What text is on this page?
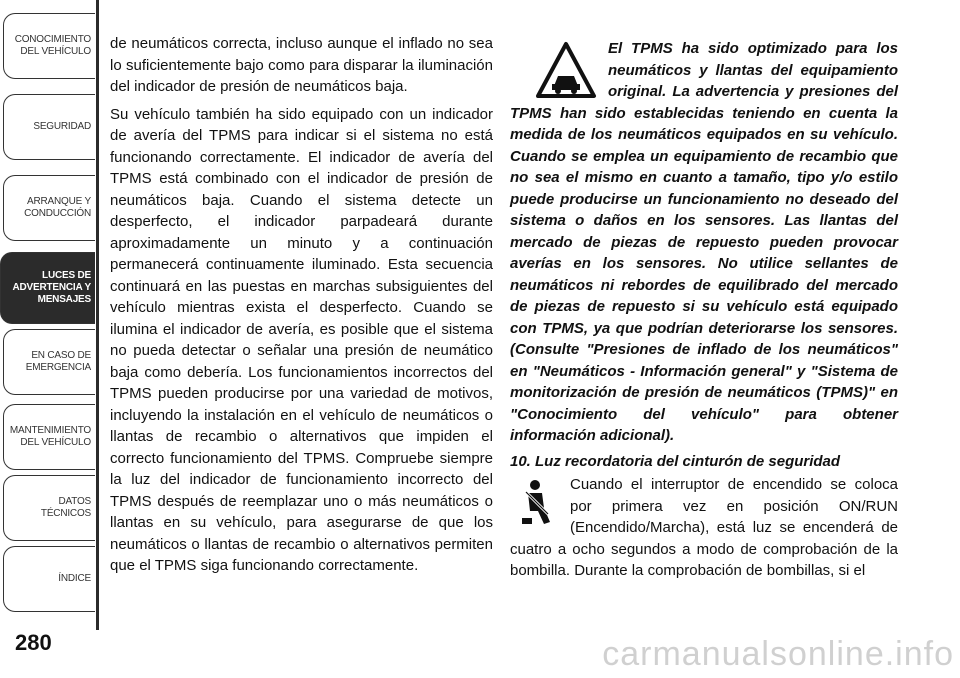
CONOCIMIENTO
DEL VEHÍCULO
SEGURIDAD
ARRANQUE Y
CONDUCCIÓN
LUCES DE
ADVERTENCIA Y
MENSAJES
EN CASO DE
EMERGENCIA
MANTENIMIENTO
DEL VEHÍCULO
DATOS
TÉCNICOS
ÍNDICE
280

de neumáticos correcta, incluso aunque el inflado no sea lo suficientemente bajo como para disparar la iluminación del indicador de presión de neumáticos baja.

Su vehículo también ha sido equipado con un indicador de avería del TPMS para indicar si el sistema no está funcionando correctamente. El indicador de avería del TPMS está combinado con el indicador de presión de neumáticos baja. Cuando el sistema detecte un desperfecto, el indicador parpadeará durante aproximadamente un minuto y a continuación permanecerá continuamente iluminado. Esta secuencia continuará en las puestas en marchas subsiguientes del vehículo mientras exista el desperfecto. Cuando se ilumina el indicador de avería, es posible que el sistema no pueda detectar o señalar una presión de neumático baja como debería. Los funcionamientos incorrectos del TPMS pueden producirse por una variedad de motivos, incluyendo la instalación en el vehículo de neumáticos o llantas de recambio o alternativos que impiden el correcto funcionamiento del TPMS. Compruebe siempre la luz del indicador de funcionamiento incorrecto del TPMS después de reemplazar uno o más neumáticos o llantas en su vehículo, para asegurarse de que los neumáticos o llantas de recambio o alternativos permiten que el TPMS siga funcionando correctamente.

El TPMS ha sido optimizado para los neumáticos y llantas del equipamiento original. La advertencia y presiones del TPMS han sido establecidas teniendo en cuenta la medida de los neumáticos equipados en su vehículo. Cuando se emplea un equipamiento de recambio que no sea el mismo en cuanto a tamaño, tipo y/o estilo puede producirse un funcionamiento no deseado del sistema o daños en los sensores. Las llantas del mercado de piezas de repuesto pueden provocar averías en los sensores. No utilice sellantes de neumáticos ni rebordes de equilibrado del mercado de piezas de repuesto si su vehículo está equipado con TPMS, ya que podrían deteriorarse los sensores. (Consulte "Presiones de inflado de los neumáticos" en "Neumáticos - Información general" y "Sistema de monitorización de presión de neumáticos (TPMS)" en "Conocimiento del vehículo" para obtener información adicional).
10. Luz recordatoria del cinturón de seguridad
Cuando el interruptor de encendido se coloca por primera vez en posición ON/RUN (Encendido/Marcha), está luz se encenderá de cuatro a ocho segundos a modo de comprobación de la bombilla. Durante la comprobación de bombillas, si el
carmanualsonline.info
